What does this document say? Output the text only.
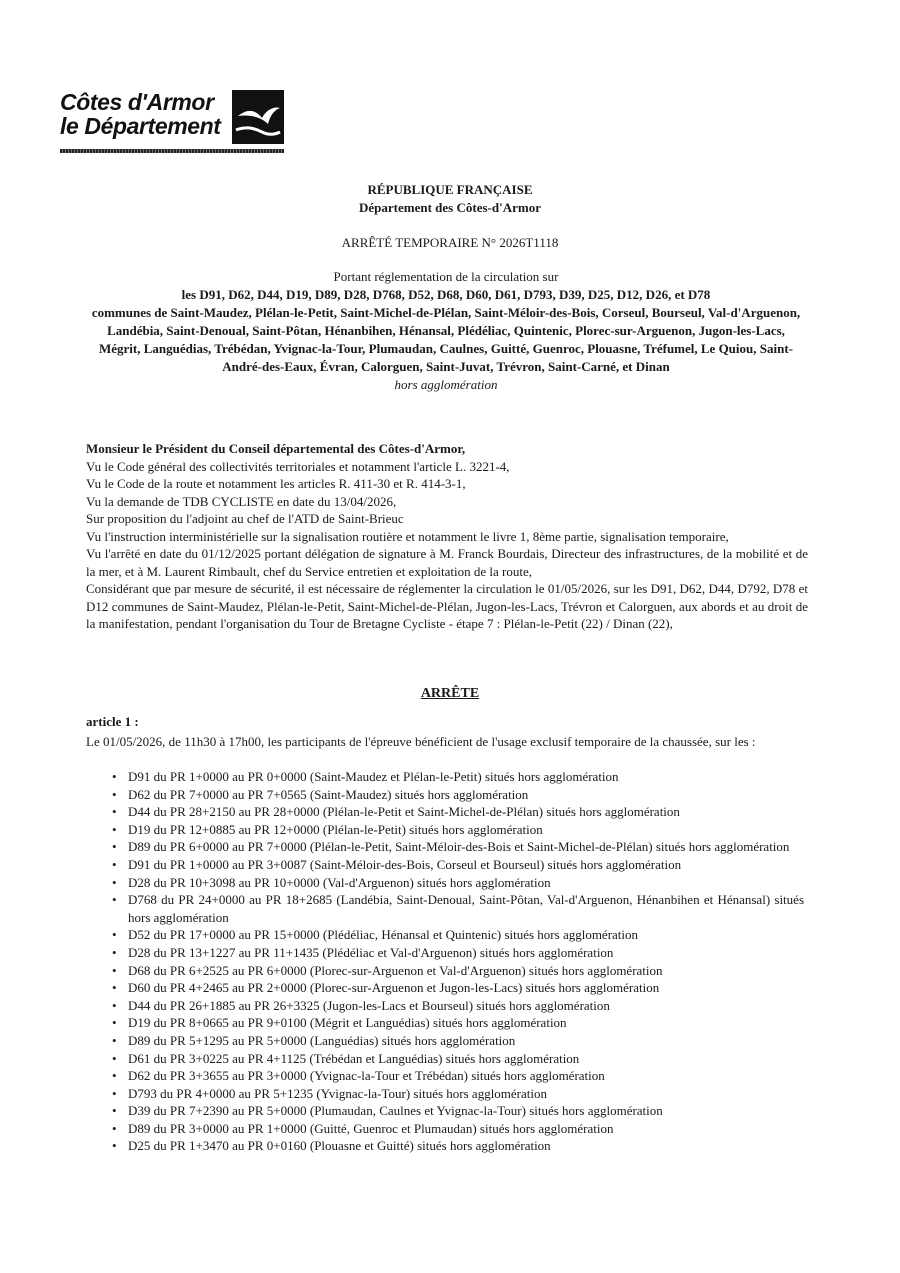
Côtes d'Armor
le Département
RÉPUBLIQUE FRANÇAISE
Département des Côtes-d'Armor
ARRÊTÉ TEMPORAIRE N° 2026T1118
Portant réglementation de la circulation sur
les D91, D62, D44, D19, D89, D28, D768, D52, D68, D60, D61, D793, D39, D25, D12, D26, et D78
communes de Saint-Maudez, Plélan-le-Petit, Saint-Michel-de-Plélan, Saint-Méloir-des-Bois, Corseul, Bourseul, Val-d'Arguenon, Landébia, Saint-Denoual, Saint-Pôtan, Hénanbihen, Hénansal, Plédéliac, Quintenic, Plorec-sur-Arguenon, Jugon-les-Lacs, Mégrit, Languédias, Trébédan, Yvignac-la-Tour, Plumaudan, Caulnes, Guitté, Guenroc, Plouasne, Tréfumel, Le Quiou, Saint-André-des-Eaux, Évran, Calorguen, Saint-Juvat, Trévron, Saint-Carné, et Dinan
hors agglomération

Monsieur le Président du Conseil départemental des Côtes-d'Armor,

Vu le Code général des collectivités territoriales et notamment l'article L. 3221-4,

Vu le Code de la route et notamment les articles R. 411-30 et R. 414-3-1,

Vu la demande de TDB CYCLISTE en date du 13/04/2026,

Sur proposition du l'adjoint au chef de l'ATD de Saint-Brieuc

Vu l'instruction interministérielle sur la signalisation routière et notamment le livre 1, 8ème partie, signalisation temporaire,

Vu l'arrêté en date du 01/12/2025 portant délégation de signature à M. Franck Bourdais, Directeur des infrastructures, de la mobilité et de la mer, et à M. Laurent Rimbault, chef du Service entretien et exploitation de la route,

Considérant que par mesure de sécurité, il est nécessaire de réglementer la circulation le 01/05/2026, sur les D91, D62, D44, D792, D78 et D12 communes de Saint-Maudez, Plélan-le-Petit, Saint-Michel-de-Plélan, Jugon-les-Lacs, Trévron et Calorguen, aux abords et au droit de la manifestation, pendant l'organisation du Tour de Bretagne Cycliste - étape 7 : Plélan-le-Petit (22) / Dinan (22),

ARRÊTE
article 1 :
Le 01/05/2026, de 11h30 à 17h00, les participants de l'épreuve bénéficient de l'usage exclusif temporaire de la chaussée, sur les :
• D91 du PR 1+0000 au PR 0+0000 (Saint-Maudez et Plélan-le-Petit) situés hors agglomération
• D62 du PR 7+0000 au PR 7+0565 (Saint-Maudez) situés hors agglomération
• D44 du PR 28+2150 au PR 28+0000 (Plélan-le-Petit et Saint-Michel-de-Plélan) situés hors agglomération
• D19 du PR 12+0885 au PR 12+0000 (Plélan-le-Petit) situés hors agglomération
• D89 du PR 6+0000 au PR 7+0000 (Plélan-le-Petit, Saint-Méloir-des-Bois et Saint-Michel-de-Plélan) situés hors agglomération
• D91 du PR 1+0000 au PR 3+0087 (Saint-Méloir-des-Bois, Corseul et Bourseul) situés hors agglomération
• D28 du PR 10+3098 au PR 10+0000 (Val-d'Arguenon) situés hors agglomération
• D768 du PR 24+0000 au PR 18+2685 (Landébia, Saint-Denoual, Saint-Pôtan, Val-d'Arguenon, Hénanbihen et Hénansal) situés hors agglomération
• D52 du PR 17+0000 au PR 15+0000 (Plédéliac, Hénansal et Quintenic) situés hors agglomération
• D28 du PR 13+1227 au PR 11+1435 (Plédéliac et Val-d'Arguenon) situés hors agglomération
• D68 du PR 6+2525 au PR 6+0000 (Plorec-sur-Arguenon et Val-d'Arguenon) situés hors agglomération
• D60 du PR 4+2465 au PR 2+0000 (Plorec-sur-Arguenon et Jugon-les-Lacs) situés hors agglomération
• D44 du PR 26+1885 au PR 26+3325 (Jugon-les-Lacs et Bourseul) situés hors agglomération
• D19 du PR 8+0665 au PR 9+0100 (Mégrit et Languédias) situés hors agglomération
• D89 du PR 5+1295 au PR 5+0000 (Languédias) situés hors agglomération
• D61 du PR 3+0225 au PR 4+1125 (Trébédan et Languédias) situés hors agglomération
• D62 du PR 3+3655 au PR 3+0000 (Yvignac-la-Tour et Trébédan) situés hors agglomération
• D793 du PR 4+0000 au PR 5+1235 (Yvignac-la-Tour) situés hors agglomération
• D39 du PR 7+2390 au PR 5+0000 (Plumaudan, Caulnes et Yvignac-la-Tour) situés hors agglomération
• D89 du PR 3+0000 au PR 1+0000 (Guitté, Guenroc et Plumaudan) situés hors agglomération
• D25 du PR 1+3470 au PR 0+0160 (Plouasne et Guitté) situés hors agglomération
